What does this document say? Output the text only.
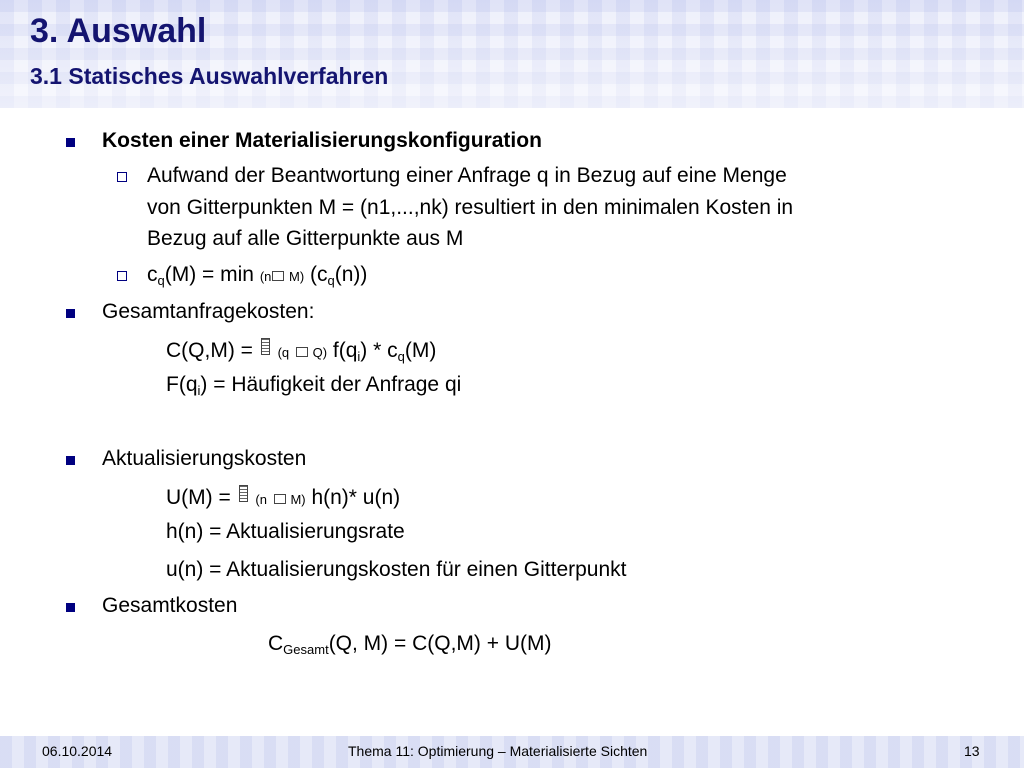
3. Auswahl
3.1 Statisches Auswahlverfahren
Kosten einer Materialisierungskonfiguration
Aufwand der Beantwortung einer Anfrage q in Bezug auf eine Menge
von Gitterpunkten M = (n1,...,nk) resultiert in den minimalen Kosten in
Bezug auf alle Gitterpunkte aus M
$c_q(M) = \min (n$ M) $(c_q(n))$
Gesamtanfragekosten:
C(Q,M) =  (q  Q) $f(q_i) * c_q(M)$
$F(q_i)$ = Häufigkeit der Anfrage qi
Aktualisierungskosten
U(M) =  (n  M) h(n)* u(n)
h(n) = Aktualisierungsrate
u(n) = Aktualisierungskosten für einen Gitterpunkt
Gesamtkosten
$C_{Gesamt}(Q$, M) = C(Q,M) + U(M)
06.10.2014	Thema 11: Optimierung – Materialisierte Sichten	13
